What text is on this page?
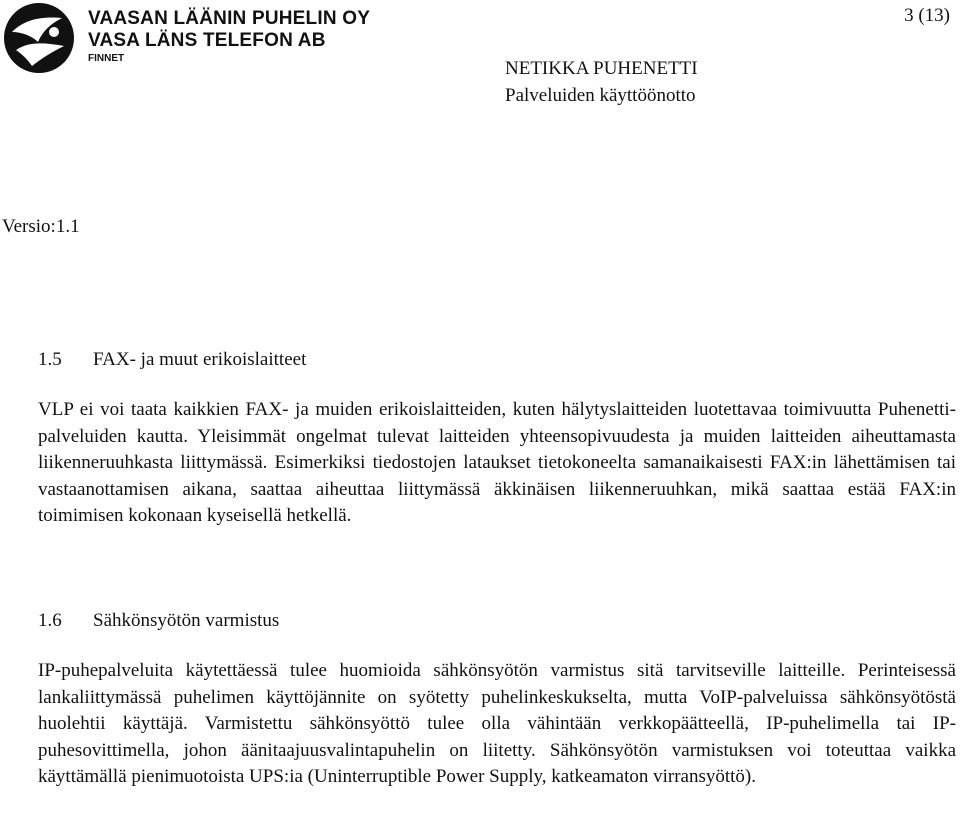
VAASAN LÄÄNIN PUHELIN OY
VASA LÄNS TELEFON AB
FINNET
3 (13)
NETIKKA PUHENETTI
Palveluiden käyttöönotto
Versio:1.1
1.5 FAX- ja muut erikoislaitteet

VLP ei voi taata kaikkien FAX- ja muiden erikoislaitteiden, kuten hälytyslaitteiden luotettavaa toimivuutta Puhenetti-palveluiden kautta. Yleisimmät ongelmat tulevat laitteiden yhteensopivuudesta ja muiden laitteiden aiheuttamasta liikenneruuhkasta liittymässä. Esimerkiksi tiedostojen lataukset tietokoneelta samanaikaisesti FAX:in lähettämisen tai vastaanottamisen aikana, saattaa aiheuttaa liittymässä äkkinäisen liikenneruuhkan, mikä saattaa estää FAX:in toimimisen kokonaan kyseisellä hetkellä.

1.6 Sähkönsyötön varmistus

IP-puhepalveluita käytettäessä tulee huomioida sähkönsyötön varmistus sitä tarvitseville laitteille. Perinteisessä lankaliittymässä puhelimen käyttöjännite on syötetty puhelinkeskukselta, mutta VoIP-palveluissa sähkönsyötöstä huolehtii käyttäjä. Varmistettu sähkönsyöttö tulee olla vähintään verkkopäätteellä, IP-puhelimella tai IP-puhesovittimella, johon äänitaajuusvalintapuhelin on liitetty. Sähkönsyötön varmistuksen voi toteuttaa vaikka käyttämällä pienimuotoista UPS:ia (Uninterruptible Power Supply, katkeamaton virransyöttö).
